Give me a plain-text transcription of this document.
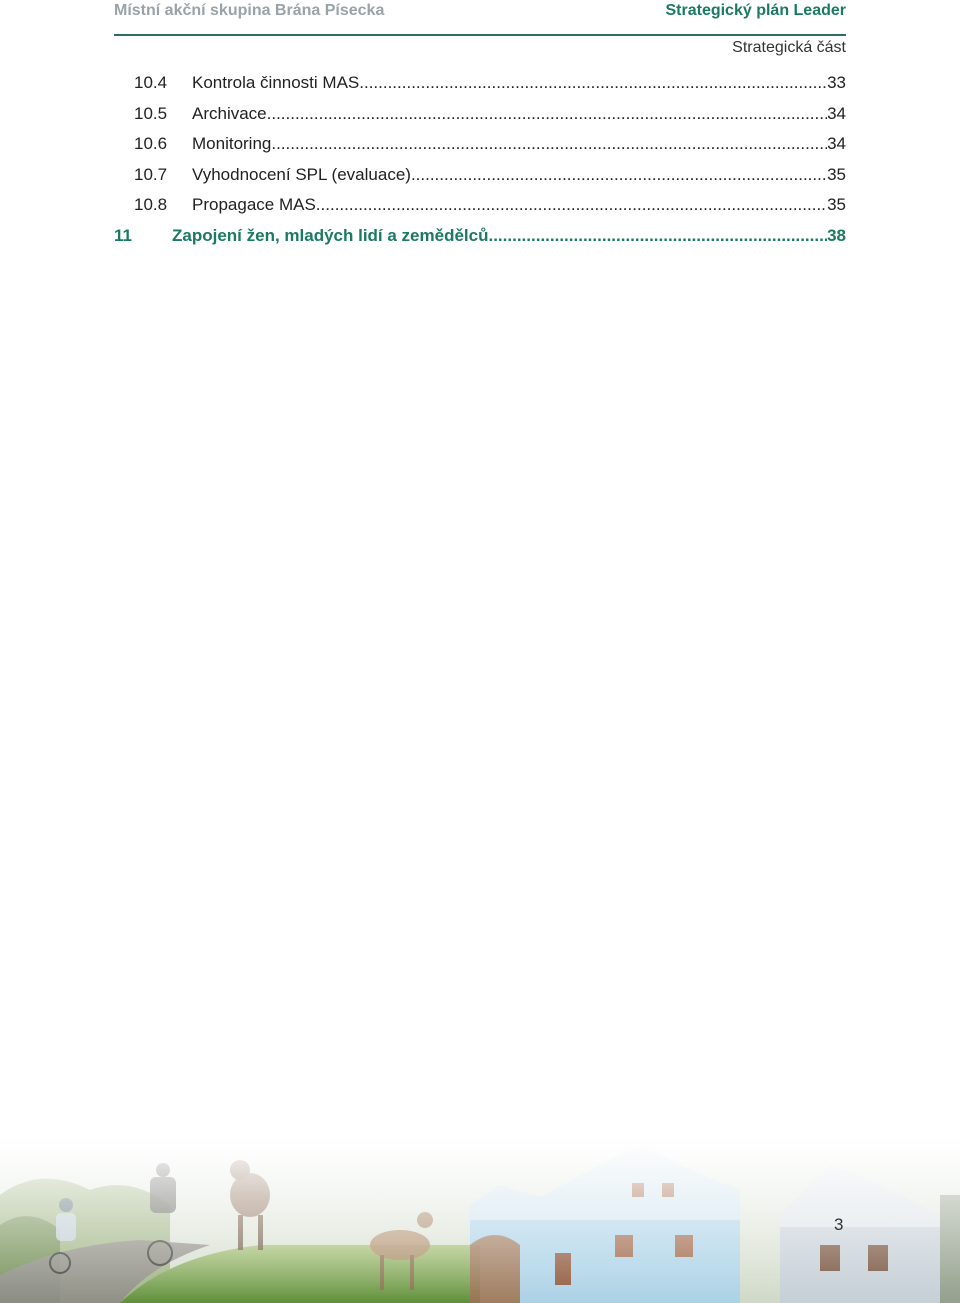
Místní akční skupina Brána Písecka	Strategický plán Leader
Strategická část
10.4	Kontrola činnosti MAS .....	33
10.5	Archivace .....	34
10.6	Monitoring .....	34
10.7	Vyhodnocení SPL (evaluace) .....	35
10.8	Propagace MAS .....	35
11	Zapojení žen, mladých lidí a zemědělců .....	38
3
